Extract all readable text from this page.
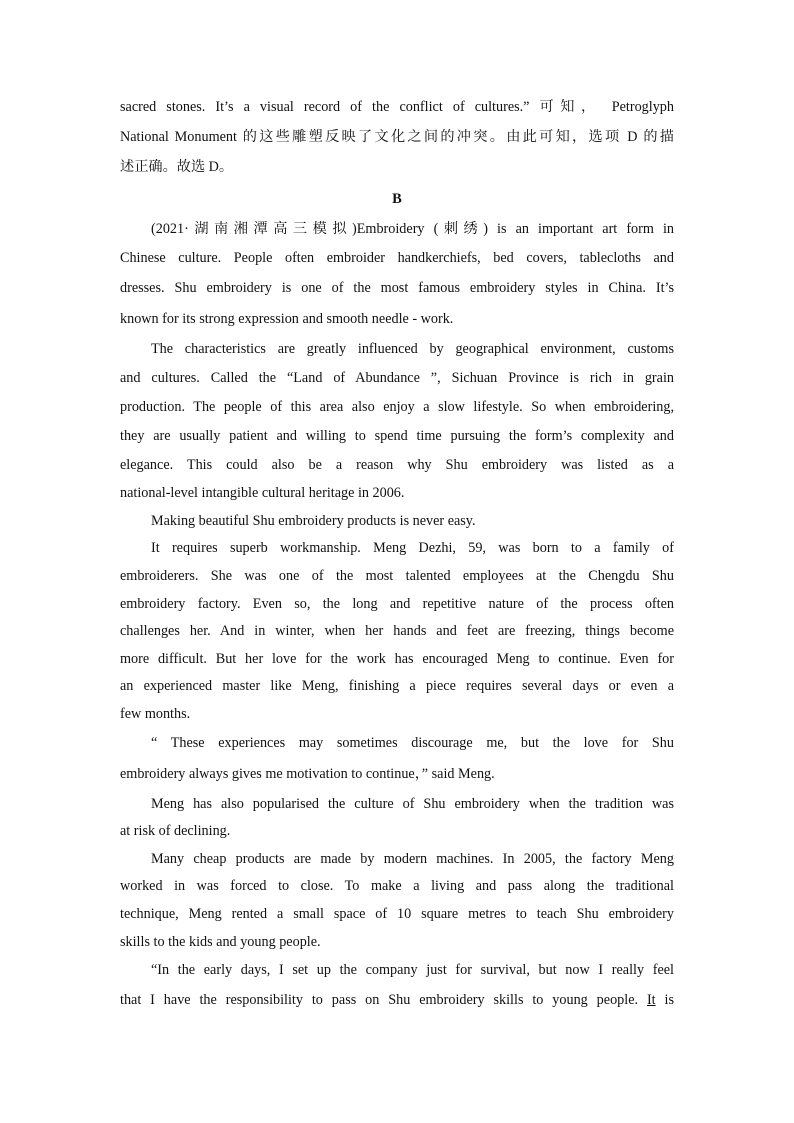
sacred stones. It’s a visual record of the conflict of cultures.” 可知， Petroglyph
National Monument 的这些雕塑反映了文化之间的冲突。由此可知，选项 D 的描
述正确。故选 D。
B
(2021·湖南湘潭高三模拟)Embroidery (刺绣) is an important art form in
Chinese culture. People often embroider handkerchiefs, bed covers, tablecloths and
dresses. Shu embroidery is one of the most famous embroidery styles in China. It’s
known for its strong expression and smooth needle - work.
The characteristics are greatly influenced by geographical environment, customs
and cultures. Called the “Land of Abundance ”, Sichuan Province is rich in grain
production. The people of this area also enjoy a slow lifestyle. So when embroidering,
they are usually patient and willing to spend time pursuing the form’s complexity and
elegance. This could also be a reason why Shu embroidery was listed as a
national-level intangible cultural heritage in 2006.
Making beautiful Shu embroidery products is never easy.
It requires superb workmanship. Meng Dezhi, 59, was born to a family of
embroiderers. She was one of the most talented employees at the Chengdu Shu
embroidery factory. Even so, the long and repetitive nature of the process often
challenges her. And in winter, when her hands and feet are freezing, things become
more difficult. But her love for the work has encouraged Meng to continue. Even for
an experienced master like Meng, finishing a piece requires several days or even a
few months.
“ These experiences may sometimes discourage me, but the love for Shu
embroidery always gives me motivation to continue，” said Meng.
Meng has also popularised the culture of Shu embroidery when the tradition was
at risk of declining.
Many cheap products are made by modern machines. In 2005, the factory Meng
worked in was forced to close. To make a living and pass along the traditional
technique, Meng rented a small space of 10 square metres to teach Shu embroidery
skills to the kids and young people.
“In the early days, I set up the company just for survival, but now I really feel
that I have the responsibility to pass on Shu embroidery skills to young people. It is
